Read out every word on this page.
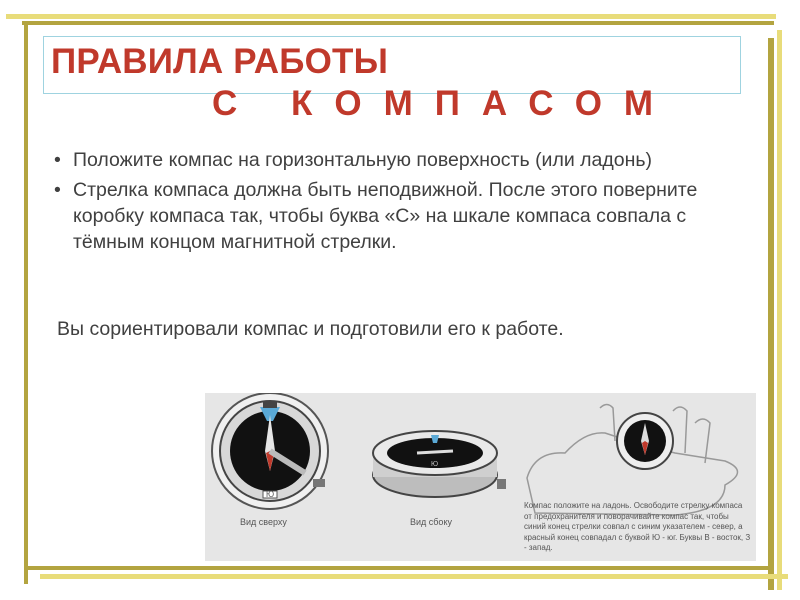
ПРАВИЛА РАБОТЫ
С КОМПАСОМ
• Положите компас на горизонтальную поверхность (или ладонь)
• Стрелка компаса должна быть неподвижной. После этого поверните коробку компаса так, чтобы буква «С» на шкале компаса совпала с тёмным концом магнитной стрелки.

Вы сориентировали компас и подготовили его к работе.

Ю
Ю
Вид сверху	Вид сбоку

Компас положите на ладонь. Освободите стрелку компаса от предохранителя и поворачивайте компас так, чтобы синий конец стрелки совпал с синим указателем - север, а красный конец совпадал с буквой Ю - юг. Буквы В - восток, З - запад.
